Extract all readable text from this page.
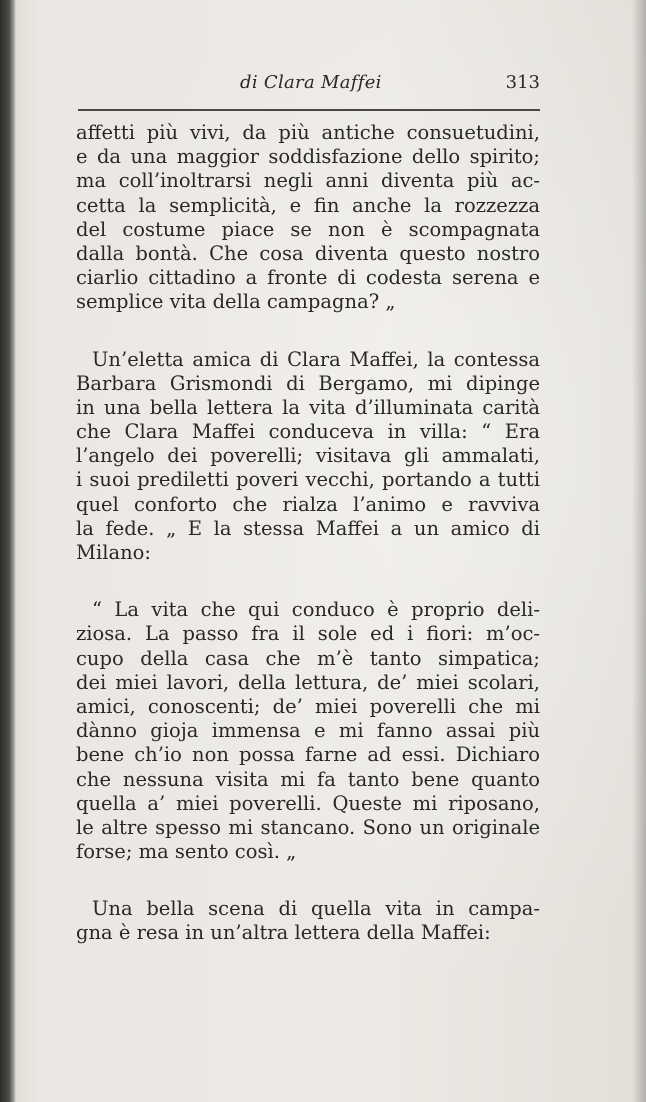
di Clara Maffei	313
affetti più vivi, da più antiche consuetudini,
e da una maggior soddisfazione dello spirito;
ma coll’inoltrarsi negli anni diventa più ac-
cetta la semplicità, e fin anche la rozzezza
del costume piace se non è scompagnata
dalla bontà. Che cosa diventa questo nostro
ciarlio cittadino a fronte di codesta serena e
semplice vita della campagna? „
Un’eletta amica di Clara Maffei, la contessa
Barbara Grismondi di Bergamo, mi dipinge
in una bella lettera la vita d’illuminata carità
che Clara Maffei conduceva in villa: “ Era
l’angelo dei poverelli; visitava gli ammalati,
i suoi prediletti poveri vecchi, portando a tutti
quel conforto che rialza l’animo e ravviva
la fede. „ E la stessa Maffei a un amico di
Milano:
“ La vita che qui conduco è proprio deli-
ziosa. La passo fra il sole ed i fiori: m’oc-
cupo della casa che m’è tanto simpatica;
dei miei lavori, della lettura, de’ miei scolari,
amici, conoscenti; de’ miei poverelli che mi
dànno gioja immensa e mi fanno assai più
bene ch’io non possa farne ad essi. Dichiaro
che nessuna visita mi fa tanto bene quanto
quella a’ miei poverelli. Queste mi riposano,
le altre spesso mi stancano. Sono un originale
forse; ma sento così. „
Una bella scena di quella vita in campa-
gna è resa in un’altra lettera della Maffei:
